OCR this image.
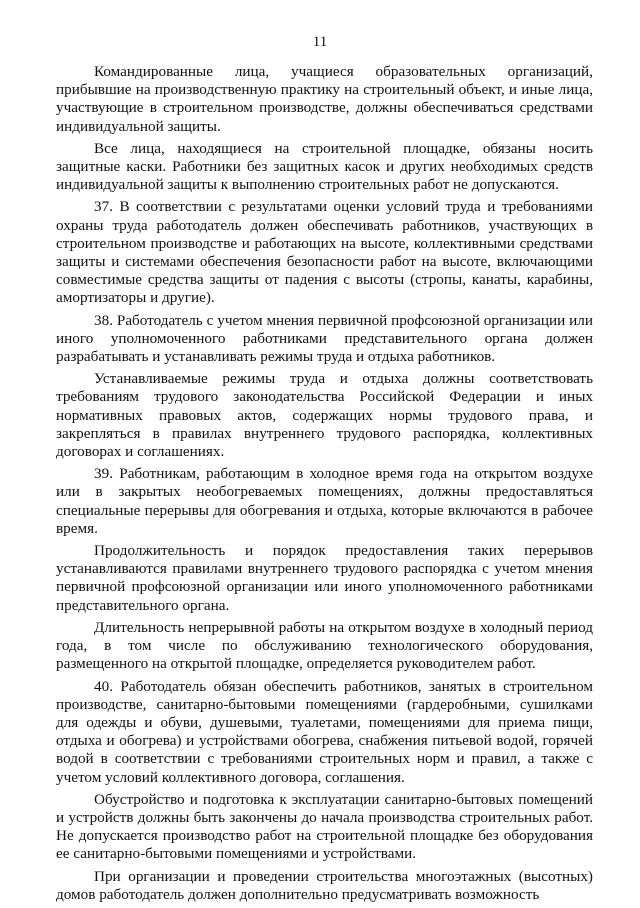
11

Командированные лица, учащиеся образовательных организаций, прибывшие на производственную практику на строительный объект, и иные лица, участвующие в строительном производстве, должны обеспечиваться средствами индивидуальной защиты.

Все лица, находящиеся на строительной площадке, обязаны носить защитные каски. Работники без защитных касок и других необходимых средств индивидуальной защиты к выполнению строительных работ не допускаются.

37. В соответствии с результатами оценки условий труда и требованиями охраны труда работодатель должен обеспечивать работников, участвующих в строительном производстве и работающих на высоте, коллективными средствами защиты и системами обеспечения безопасности работ на высоте, включающими совместимые средства защиты от падения с высоты (стропы, канаты, карабины, амортизаторы и другие).

38. Работодатель с учетом мнения первичной профсоюзной организации или иного уполномоченного работниками представительного органа должен разрабатывать и устанавливать режимы труда и отдыха работников.

Устанавливаемые режимы труда и отдыха должны соответствовать требованиям трудового законодательства Российской Федерации и иных нормативных правовых актов, содержащих нормы трудового права, и закрепляться в правилах внутреннего трудового распорядка, коллективных договорах и соглашениях.

39. Работникам, работающим в холодное время года на открытом воздухе или в закрытых необогреваемых помещениях, должны предоставляться специальные перерывы для обогревания и отдыха, которые включаются в рабочее время.

Продолжительность и порядок предоставления таких перерывов устанавливаются правилами внутреннего трудового распорядка с учетом мнения первичной профсоюзной организации или иного уполномоченного работниками представительного органа.

Длительность непрерывной работы на открытом воздухе в холодный период года, в том числе по обслуживанию технологического оборудования, размещенного на открытой площадке, определяется руководителем работ.

40. Работодатель обязан обеспечить работников, занятых в строительном производстве, санитарно-бытовыми помещениями (гардеробными, сушилками для одежды и обуви, душевыми, туалетами, помещениями для приема пищи, отдыха и обогрева) и устройствами обогрева, снабжения питьевой водой, горячей водой в соответствии с требованиями строительных норм и правил, а также с учетом условий коллективного договора, соглашения.

Обустройство и подготовка к эксплуатации санитарно-бытовых помещений и устройств должны быть закончены до начала производства строительных работ. Не допускается производство работ на строительной площадке без оборудования ее санитарно-бытовыми помещениями и устройствами.

При организации и проведении строительства многоэтажных (высотных) домов работодатель должен дополнительно предусматривать возможность
